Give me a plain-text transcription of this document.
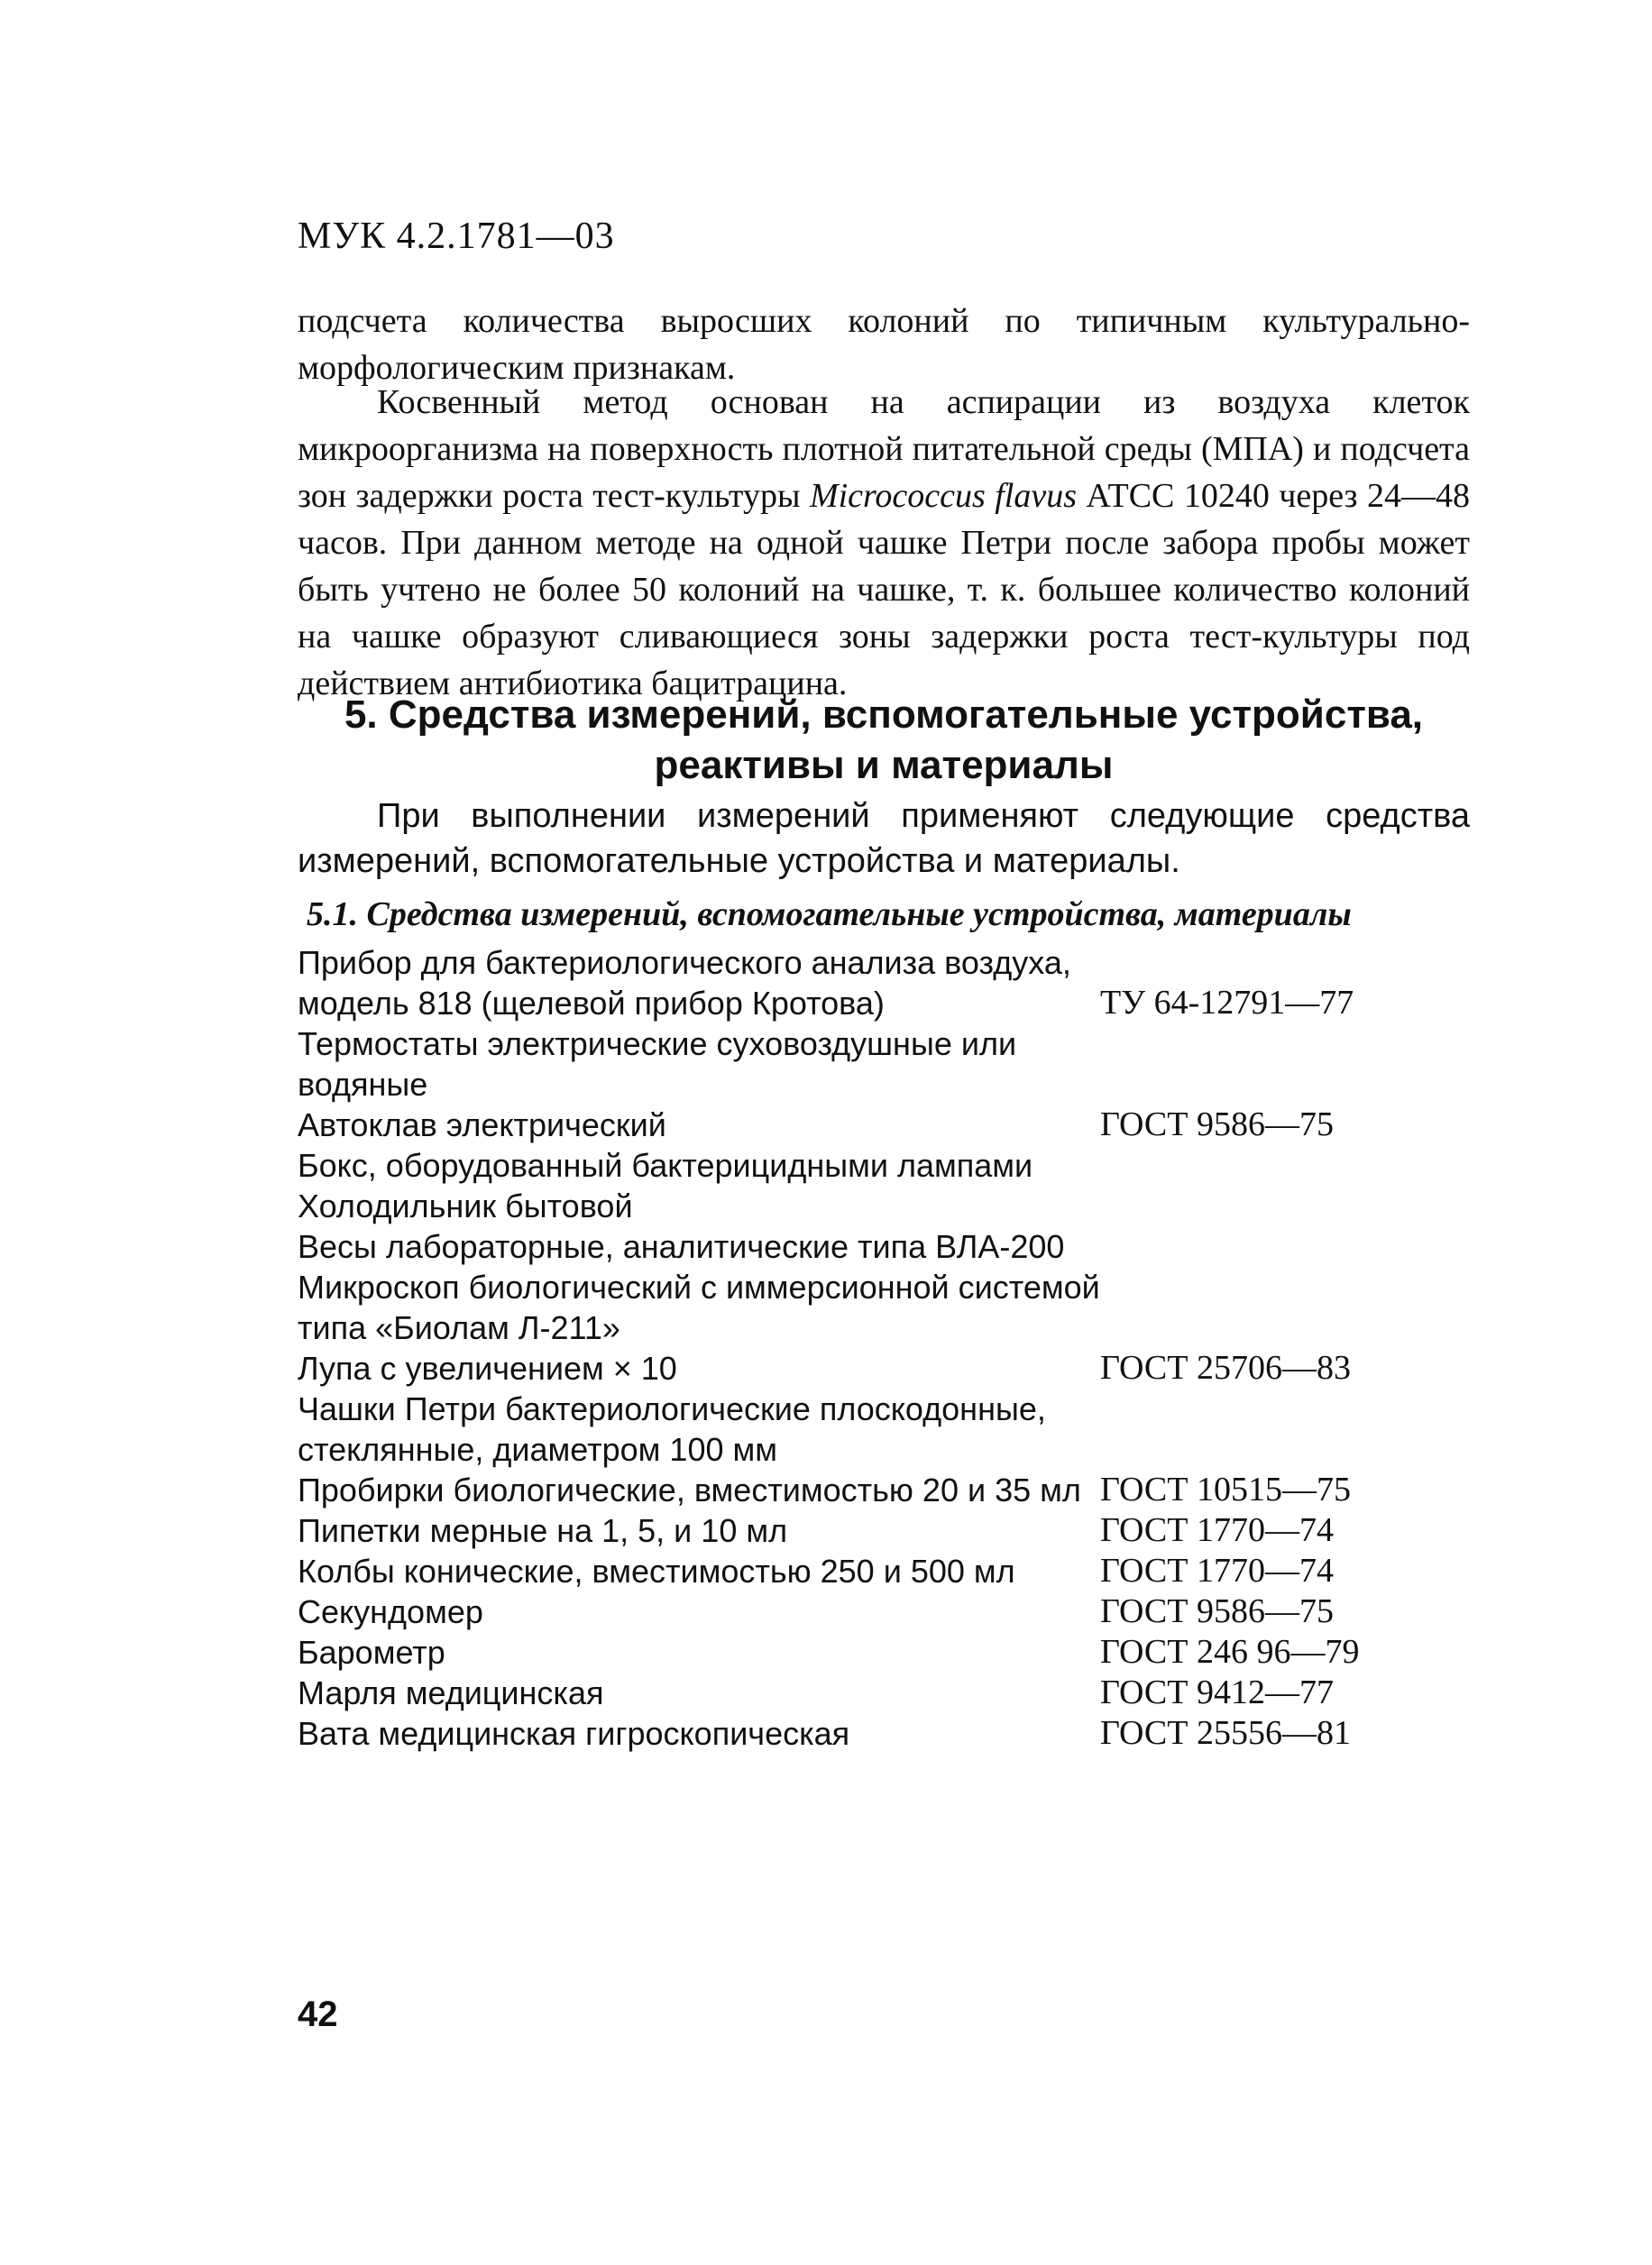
МУК 4.2.1781—03
подсчета количества выросших колоний по типичным культурально-морфологическим признакам.
Косвенный метод основан на аспирации из воздуха клеток микроорганизма на поверхность плотной питательной среды (МПА) и подсчета зон задержки роста тест-культуры Micrococcus flavus АТСС 10240 через 24—48 часов. При данном методе на одной чашке Петри после забора пробы может быть учтено не более 50 колоний на чашке, т. к. большее количество колоний на чашке образуют сливающиеся зоны задержки роста тест-культуры под действием антибиотика бацитрацина.
5. Средства измерений, вспомогательные устройства,
реактивы и материалы
При выполнении измерений применяют следующие средства измерений, вспомогательные устройства и материалы.
5.1. Средства измерений, вспомогательные устройства, материалы
Прибор для бактериологического анализа воздуха, модель 818 (щелевой прибор Кротова)	ТУ 64-12791—77
Термостаты электрические суховоздушные или водяные
Автоклав электрический	ГОСТ 9586—75
Бокс, оборудованный бактерицидными лампами
Холодильник бытовой
Весы лабораторные, аналитические типа ВЛА-200
Микроскоп биологический с иммерсионной системой типа «Биолам Л-211»
Лупа с увеличением × 10	ГОСТ 25706—83
Чашки Петри бактериологические плоскодонные, стеклянные, диаметром 100 мм
Пробирки биологические, вместимостью 20 и 35 мл ГОСТ 10515—75
Пипетки мерные на 1, 5, и 10 мл	ГОСТ 1770—74
Колбы конические, вместимостью 250 и 500 мл	ГОСТ 1770—74
Секундомер	ГОСТ 9586—75
Барометр	ГОСТ 246 96—79
Марля медицинская	ГОСТ 9412—77
Вата медицинская гигроскопическая	ГОСТ 25556—81
42
